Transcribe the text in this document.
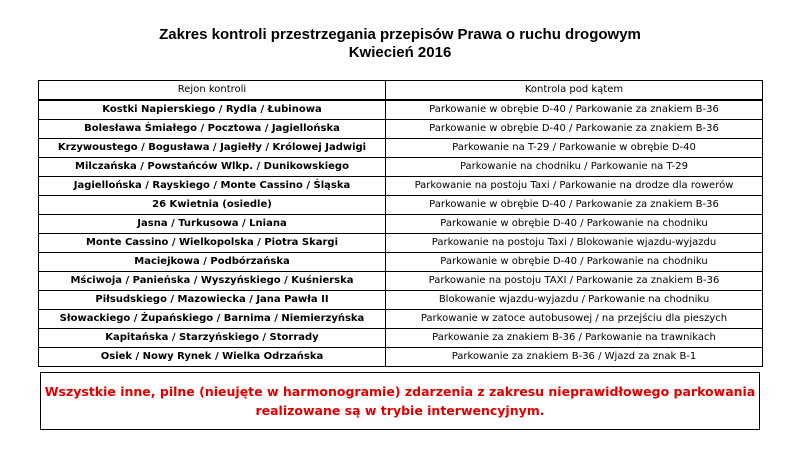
Zakres kontroli przestrzegania przepisów Prawa o ruchu drogowym
Kwiecień 2016
Rejon kontroli	Kontrola pod kątem
Kostki Napierskiego / Rydla / Łubinowa	Parkowanie w obrębie D-40 / Parkowanie za znakiem B-36
Bolesława Śmiałego / Pocztowa / Jagiellońska	Parkowanie w obrębie D-40 / Parkowanie za znakiem B-36
Krzywoustego / Bogusława / Jagiełły / Królowej Jadwigi	Parkowanie na T-29 / Parkowanie w obrębie D-40
Milczańska / Powstańców Wlkp. / Dunikowskiego	Parkowanie na chodniku / Parkowanie na T-29
Jagiellońska / Rayskiego / Monte Cassino / Śląska	Parkowanie na postoju Taxi / Parkowanie na drodze dla rowerów
26 Kwietnia (osiedle)	Parkowanie w obrębie D-40 / Parkowanie za znakiem B-36
Jasna / Turkusowa / Lniana	Parkowanie w obrębie D-40 / Parkowanie na chodniku
Monte Cassino / Wielkopolska / Piotra Skargi	Parkowanie na postoju Taxi / Blokowanie wjazdu-wyjazdu
Maciejkowa / Podbórzańska	Parkowanie w obrębie D-40 / Parkowanie na chodniku
Mściwoja / Panieńska / Wyszyńskiego / Kuśnierska	Parkowanie na postoju TAXI / Parkowanie za znakiem B-36
Piłsudskiego / Mazowiecka / Jana Pawła II	Blokowanie wjazdu-wyjazdu / Parkowanie na chodniku
Słowackiego / Żupańskiego / Barnima / Niemierzyńska	Parkowanie w zatoce autobusowej / na przejściu dla pieszych
Kapitańska / Starzyńskiego / Storrady	Parkowanie za znakiem B-36 / Parkowanie na trawnikach
Osiek / Nowy Rynek / Wielka Odrzańska	Parkowanie za znakiem B-36 / Wjazd za znak B-1
Wszystkie inne, pilne (nieujęte w harmonogramie) zdarzenia z zakresu nieprawidłowego parkowania
realizowane są w trybie interwencyjnym.
